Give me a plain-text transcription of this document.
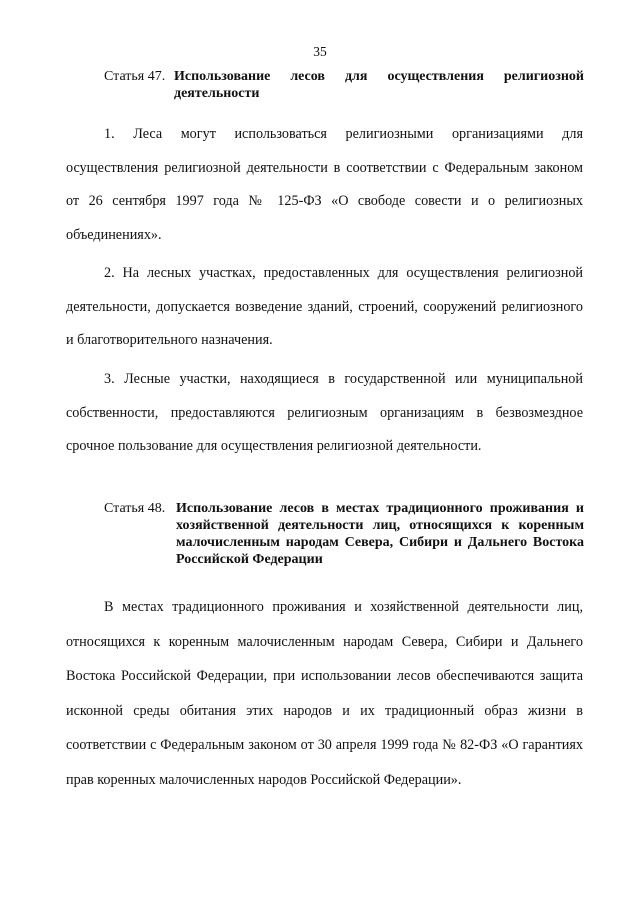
35
Статья 47. Использование лесов для осуществления религиозной деятельности

1. Леса могут использоваться религиозными организациями для осуществления религиозной деятельности в соответствии с Федеральным законом от 26 сентября 1997 года № 125-ФЗ «О свободе совести и о религиозных объединениях».

2. На лесных участках, предоставленных для осуществления религиозной деятельности, допускается возведение зданий, строений, сооружений религиозного и благотворительного назначения.

3. Лесные участки, находящиеся в государственной или муниципальной собственности, предоставляются религиозным организациям в безвозмездное срочное пользование для осуществления религиозной деятельности.

Статья 48. Использование лесов в местах традиционного проживания и хозяйственной деятельности лиц, относящихся к коренным малочисленным народам Севера, Сибири и Дальнего Востока Российской Федерации

В местах традиционного проживания и хозяйственной деятельности лиц, относящихся к коренным малочисленным народам Севера, Сибири и Дальнего Востока Российской Федерации, при использовании лесов обеспечиваются защита исконной среды обитания этих народов и их традиционный образ жизни в соответствии с Федеральным законом от 30 апреля 1999 года № 82-ФЗ «О гарантиях прав коренных малочисленных народов Российской Федерации».
